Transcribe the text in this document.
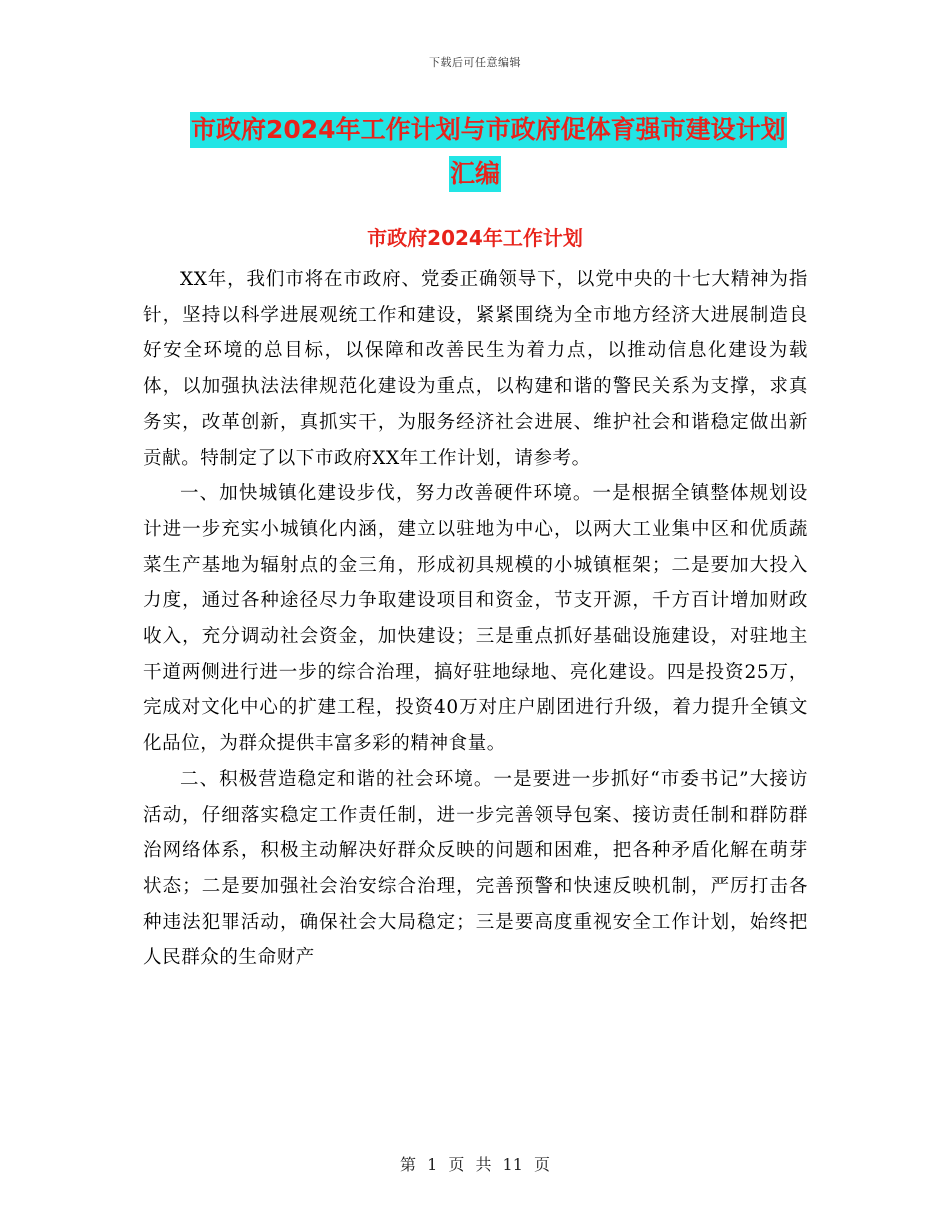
下载后可任意编辑
市政府2024年工作计划与市政府促体育强市建设计划
汇编
市政府2024年工作计划

XX年，我们市将在市政府、党委正确领导下，以党中央的十七大精神为指针，坚持以科学进展观统工作和建设，紧紧围绕为全市地方经济大进展制造良好安全环境的总目标，以保障和改善民生为着力点，以推动信息化建设为载体，以加强执法法律规范化建设为重点，以构建和谐的警民关系为支撑，求真务实，改革创新，真抓实干，为服务经济社会进展、维护社会和谐稳定做出新贡献。特制定了以下市政府XX年工作计划，请参考。

一、加快城镇化建设步伐，努力改善硬件环境。一是根据全镇整体规划设计进一步充实小城镇化内涵，建立以驻地为中心，以两大工业集中区和优质蔬菜生产基地为辐射点的金三角，形成初具规模的小城镇框架；二是要加大投入力度，通过各种途径尽力争取建设项目和资金，节支开源，千方百计增加财政收入，充分调动社会资金，加快建设；三是重点抓好基础设施建设，对驻地主干道两侧进行进一步的综合治理，搞好驻地绿地、亮化建设。四是投资25万，完成对文化中心的扩建工程，投资40万对庄户剧团进行升级，着力提升全镇文化品位，为群众提供丰富多彩的精神食量。

二、积极营造稳定和谐的社会环境。一是要进一步抓好“市委书记”大接访活动，仔细落实稳定工作责任制，进一步完善领导包案、接访责任制和群防群治网络体系，积极主动解决好群众反映的问题和困难，把各种矛盾化解在萌芽状态；二是要加强社会治安综合治理，完善预警和快速反映机制，严厉打击各种违法犯罪活动，确保社会大局稳定；三是要高度重视安全工作计划，始终把人民群众的生命财产

第 1 页 共 11 页
